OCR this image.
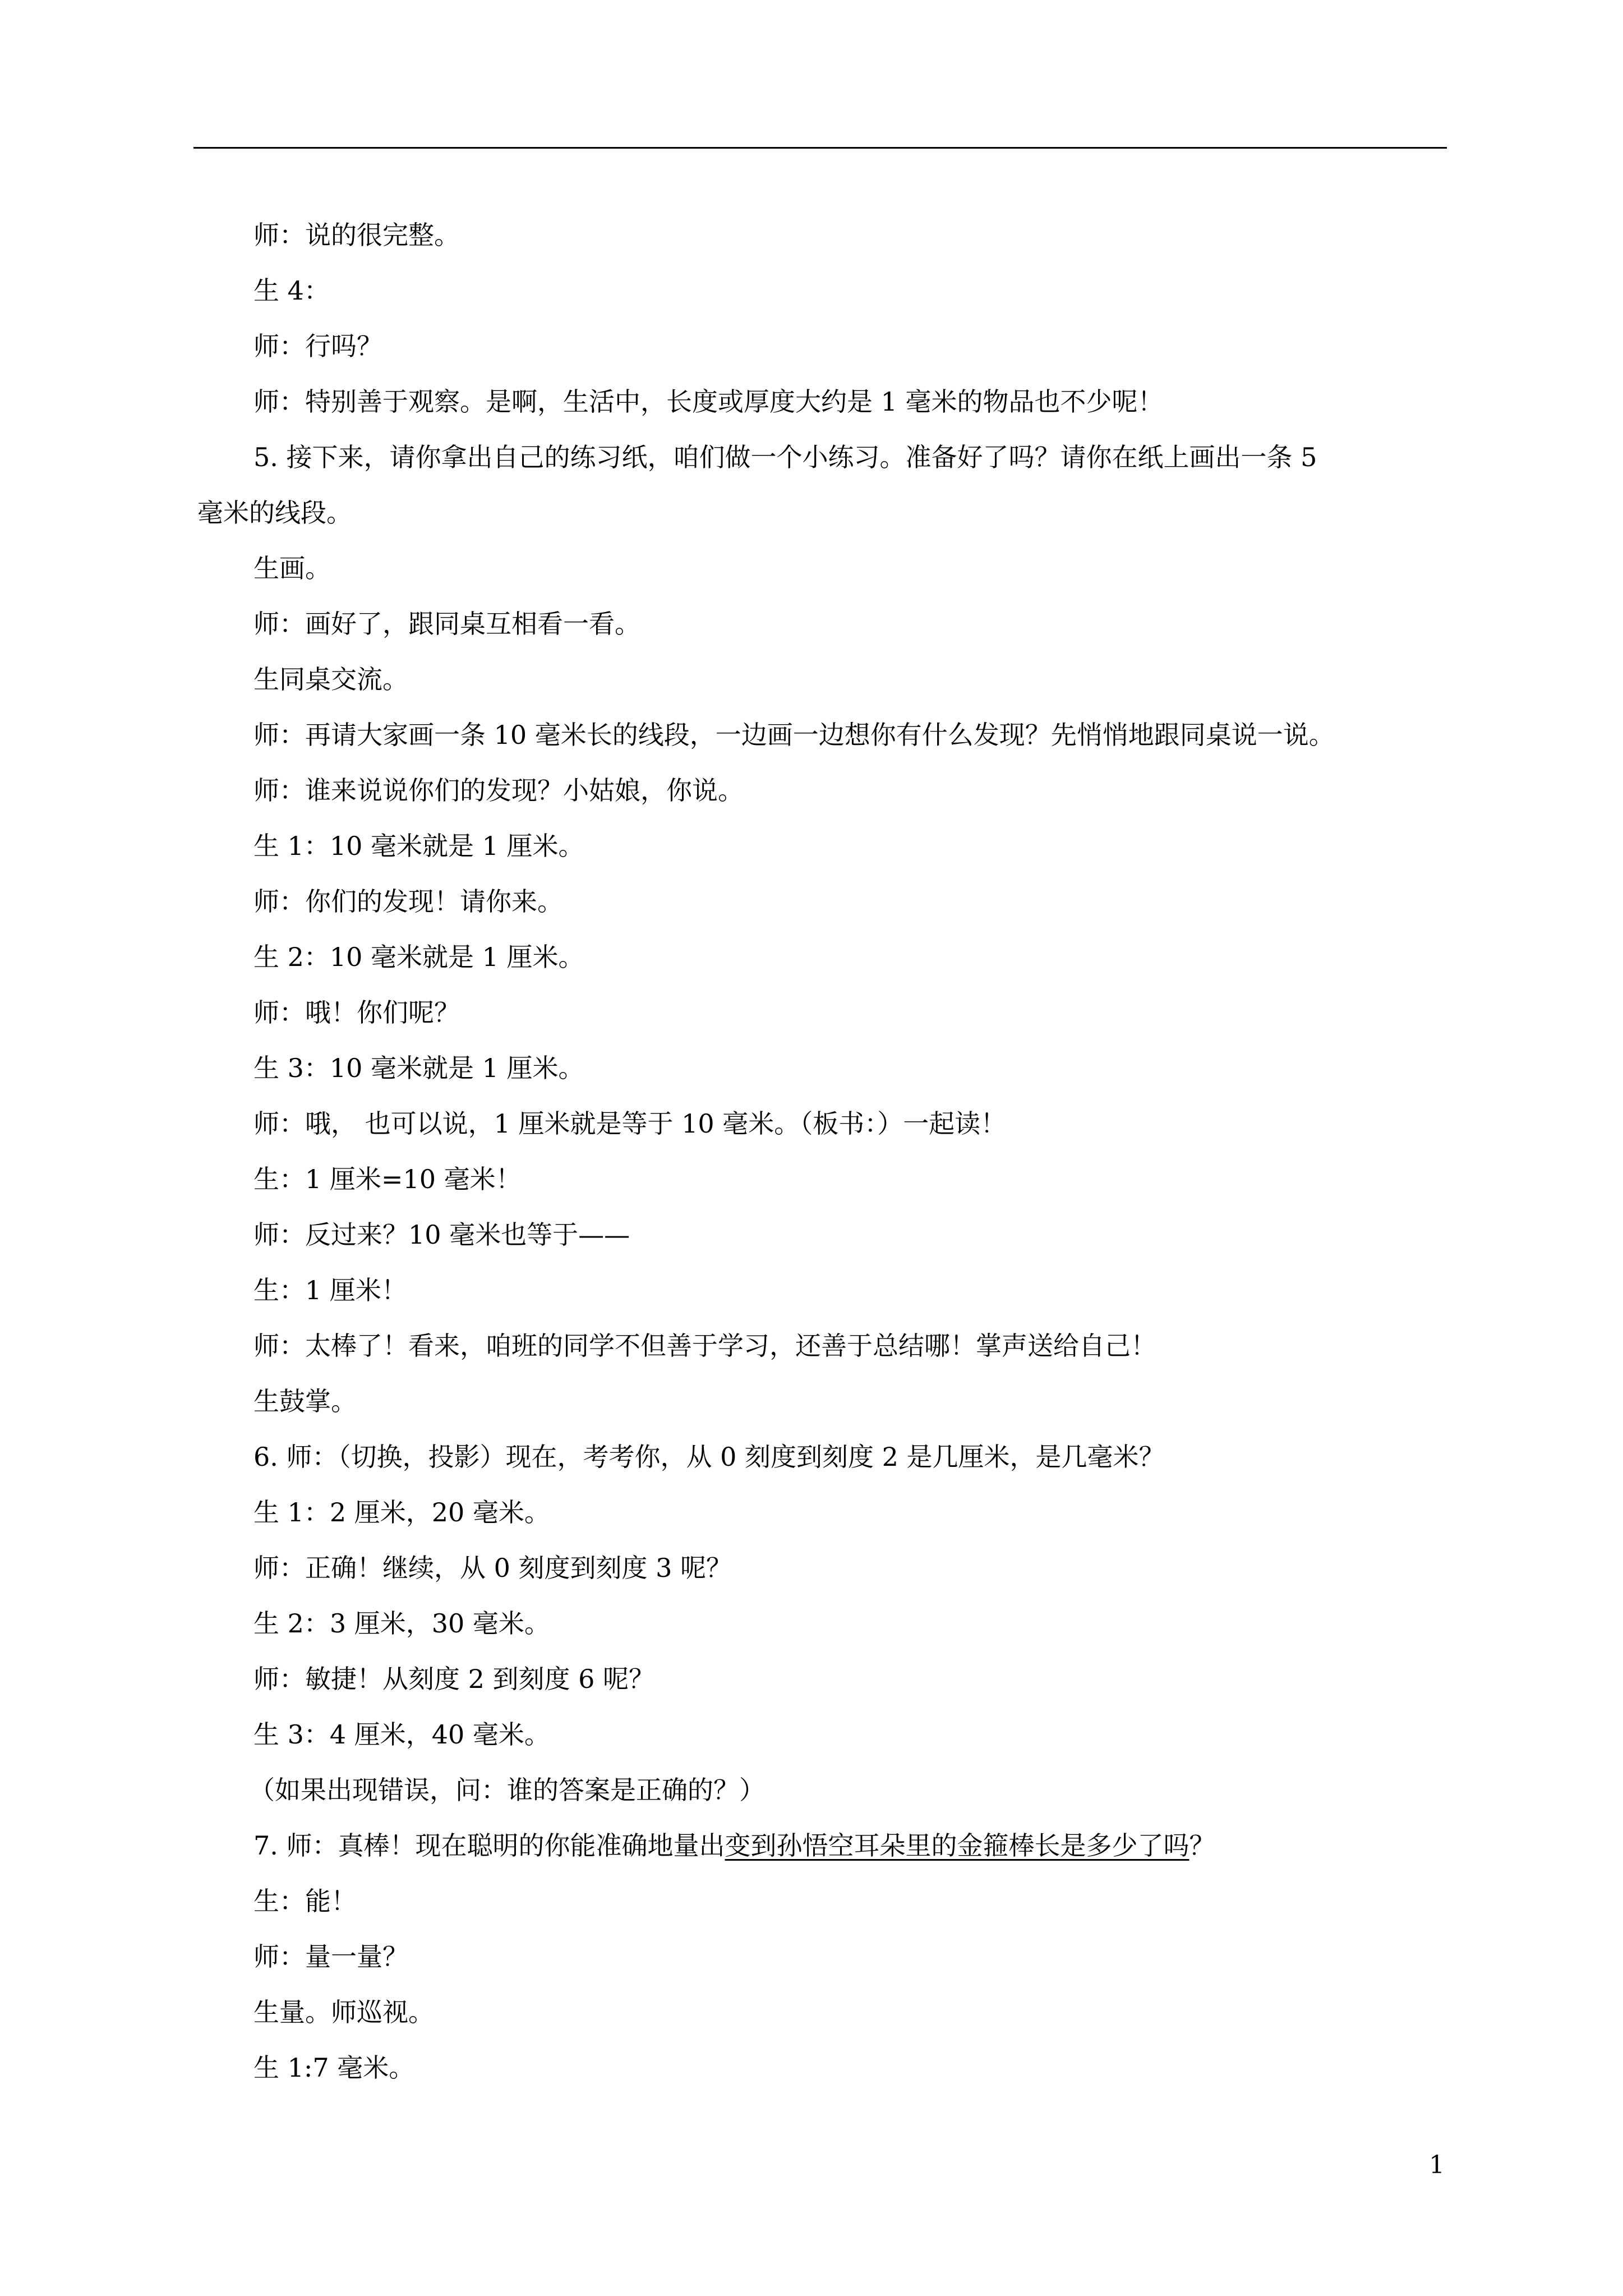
师：说的很完整。
生 4：
师：行吗？
师：特别善于观察。是啊，生活中，长度或厚度大约是 1 毫米的物品也不少呢！
5. 接下来，请你拿出自己的练习纸，咱们做一个小练习。准备好了吗？请你在纸上画出一条 5
毫米的线段。
生画。
师：画好了，跟同桌互相看一看。
生同桌交流。
师：再请大家画一条 10 毫米长的线段，一边画一边想你有什么发现？先悄悄地跟同桌说一说。
师：谁来说说你们的发现？小姑娘，你说。
生 1：10 毫米就是 1 厘米。
师：你们的发现！请你来。
生 2：10 毫米就是 1 厘米。
师：哦！你们呢？
生 3：10 毫米就是 1 厘米。
师：哦， 也可以说，1 厘米就是等于 10 毫米。（板书：）一起读！
生：1 厘米=10 毫米！
师：反过来？10 毫米也等于——
生：1 厘米！
师：太棒了！看来，咱班的同学不但善于学习，还善于总结哪！掌声送给自己！
生鼓掌。
6. 师：（切换，投影）现在，考考你，从 0 刻度到刻度 2 是几厘米，是几毫米？
生 1：2 厘米，20 毫米。
师：正确！继续，从 0 刻度到刻度 3 呢？
生 2：3 厘米，30 毫米。
师：敏捷！从刻度 2 到刻度 6 呢？
生 3：4 厘米，40 毫米。
（如果出现错误，问：谁的答案是正确的？）
7. 师：真棒！现在聪明的你能准确地量出变到孙悟空耳朵里的金箍棒长是多少了吗？
生：能！
师：量一量？
生量。师巡视。
生 1:7 毫米。
1
